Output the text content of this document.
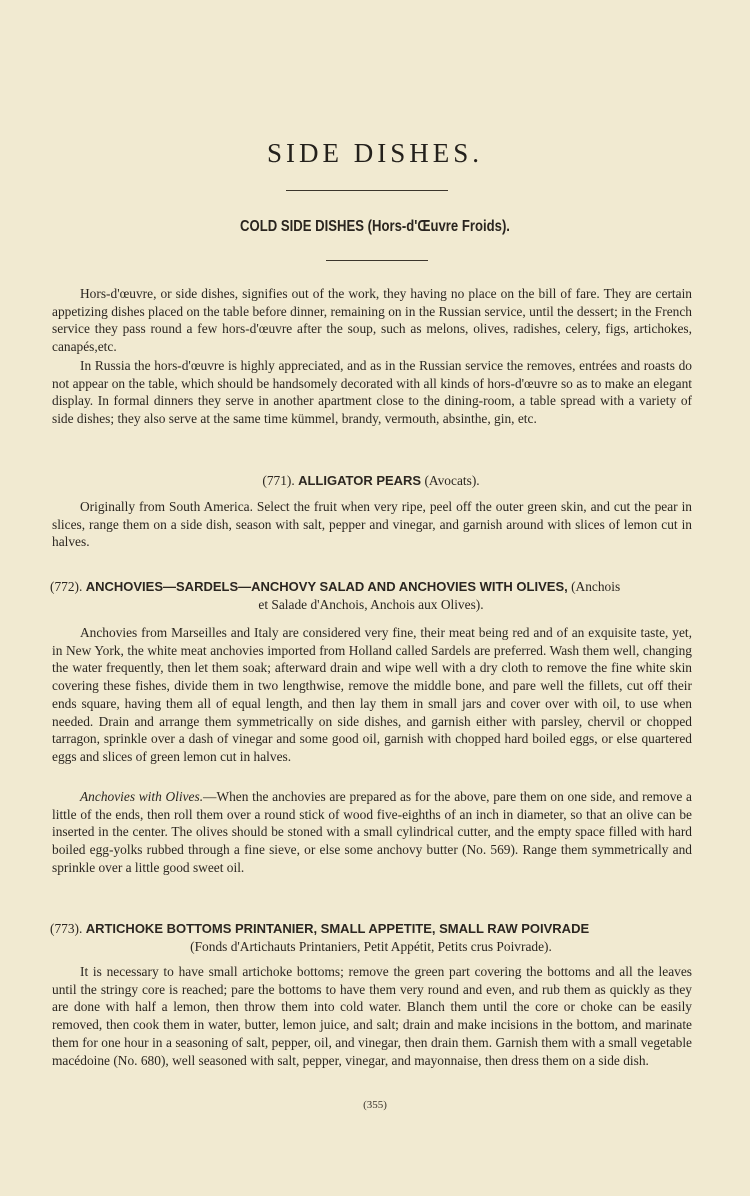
SIDE DISHES.
COLD SIDE DISHES (Hors-d'Œuvre Froids).

Hors-d'œuvre, or side dishes, signifies out of the work, they having no place on the bill of fare. They are certain appetizing dishes placed on the table before dinner, remaining on in the Russian service, until the dessert; in the French service they pass round a few hors-d'œuvre after the soup, such as melons, olives, radishes, celery, figs, artichokes, canapés,etc.

In Russia the hors-d'œuvre is highly appreciated, and as in the Russian service the removes, entrées and roasts do not appear on the table, which should be handsomely decorated with all kinds of hors-d'œuvre so as to make an elegant display. In formal dinners they serve in another apartment close to the dining-room, a table spread with a variety of side dishes; they also serve at the same time kümmel, brandy, vermouth, absinthe, gin, etc.

(771). ALLIGATOR PEARS (Avocats).

Originally from South America. Select the fruit when very ripe, peel off the outer green skin, and cut the pear in slices, range them on a side dish, season with salt, pepper and vinegar, and garnish around with slices of lemon cut in halves.

(772). ANCHOVIES—SARDELS—ANCHOVY SALAD AND ANCHOVIES WITH OLIVES, (Anchois
et Salade d'Anchois, Anchois aux Olives).

Anchovies from Marseilles and Italy are considered very fine, their meat being red and of an exquisite taste, yet, in New York, the white meat anchovies imported from Holland called Sardels are preferred. Wash them well, changing the water frequently, then let them soak; afterward drain and wipe well with a dry cloth to remove the fine white skin covering these fishes, divide them in two lengthwise, remove the middle bone, and pare well the fillets, cut off their ends square, having them all of equal length, and then lay them in small jars and cover over with oil, to use when needed. Drain and arrange them symmetrically on side dishes, and garnish either with parsley, chervil or chopped tarragon, sprinkle over a dash of vinegar and some good oil, garnish with chopped hard boiled eggs, or else quartered eggs and slices of green lemon cut in halves.

Anchovies with Olives.—When the anchovies are prepared as for the above, pare them on one side, and remove a little of the ends, then roll them over a round stick of wood five-eighths of an inch in diameter, so that an olive can be inserted in the center. The olives should be stoned with a small cylindrical cutter, and the empty space filled with hard boiled egg-yolks rubbed through a fine sieve, or else some anchovy butter (No. 569). Range them symmetrically and sprinkle over a little good sweet oil.

(773). ARTICHOKE BOTTOMS PRINTANIER, SMALL APPETITE, SMALL RAW POIVRADE
(Fonds d'Artichauts Printaniers, Petit Appétit, Petits crus Poivrade).

It is necessary to have small artichoke bottoms; remove the green part covering the bottoms and all the leaves until the stringy core is reached; pare the bottoms to have them very round and even, and rub them as quickly as they are done with half a lemon, then throw them into cold water. Blanch them until the core or choke can be easily removed, then cook them in water, butter, lemon juice, and salt; drain and make incisions in the bottom, and marinate them for one hour in a seasoning of salt, pepper, oil, and vinegar, then drain them. Garnish them with a small vegetable macédoine (No. 680), well seasoned with salt, pepper, vinegar, and mayonnaise, then dress them on a side dish.

(355)
